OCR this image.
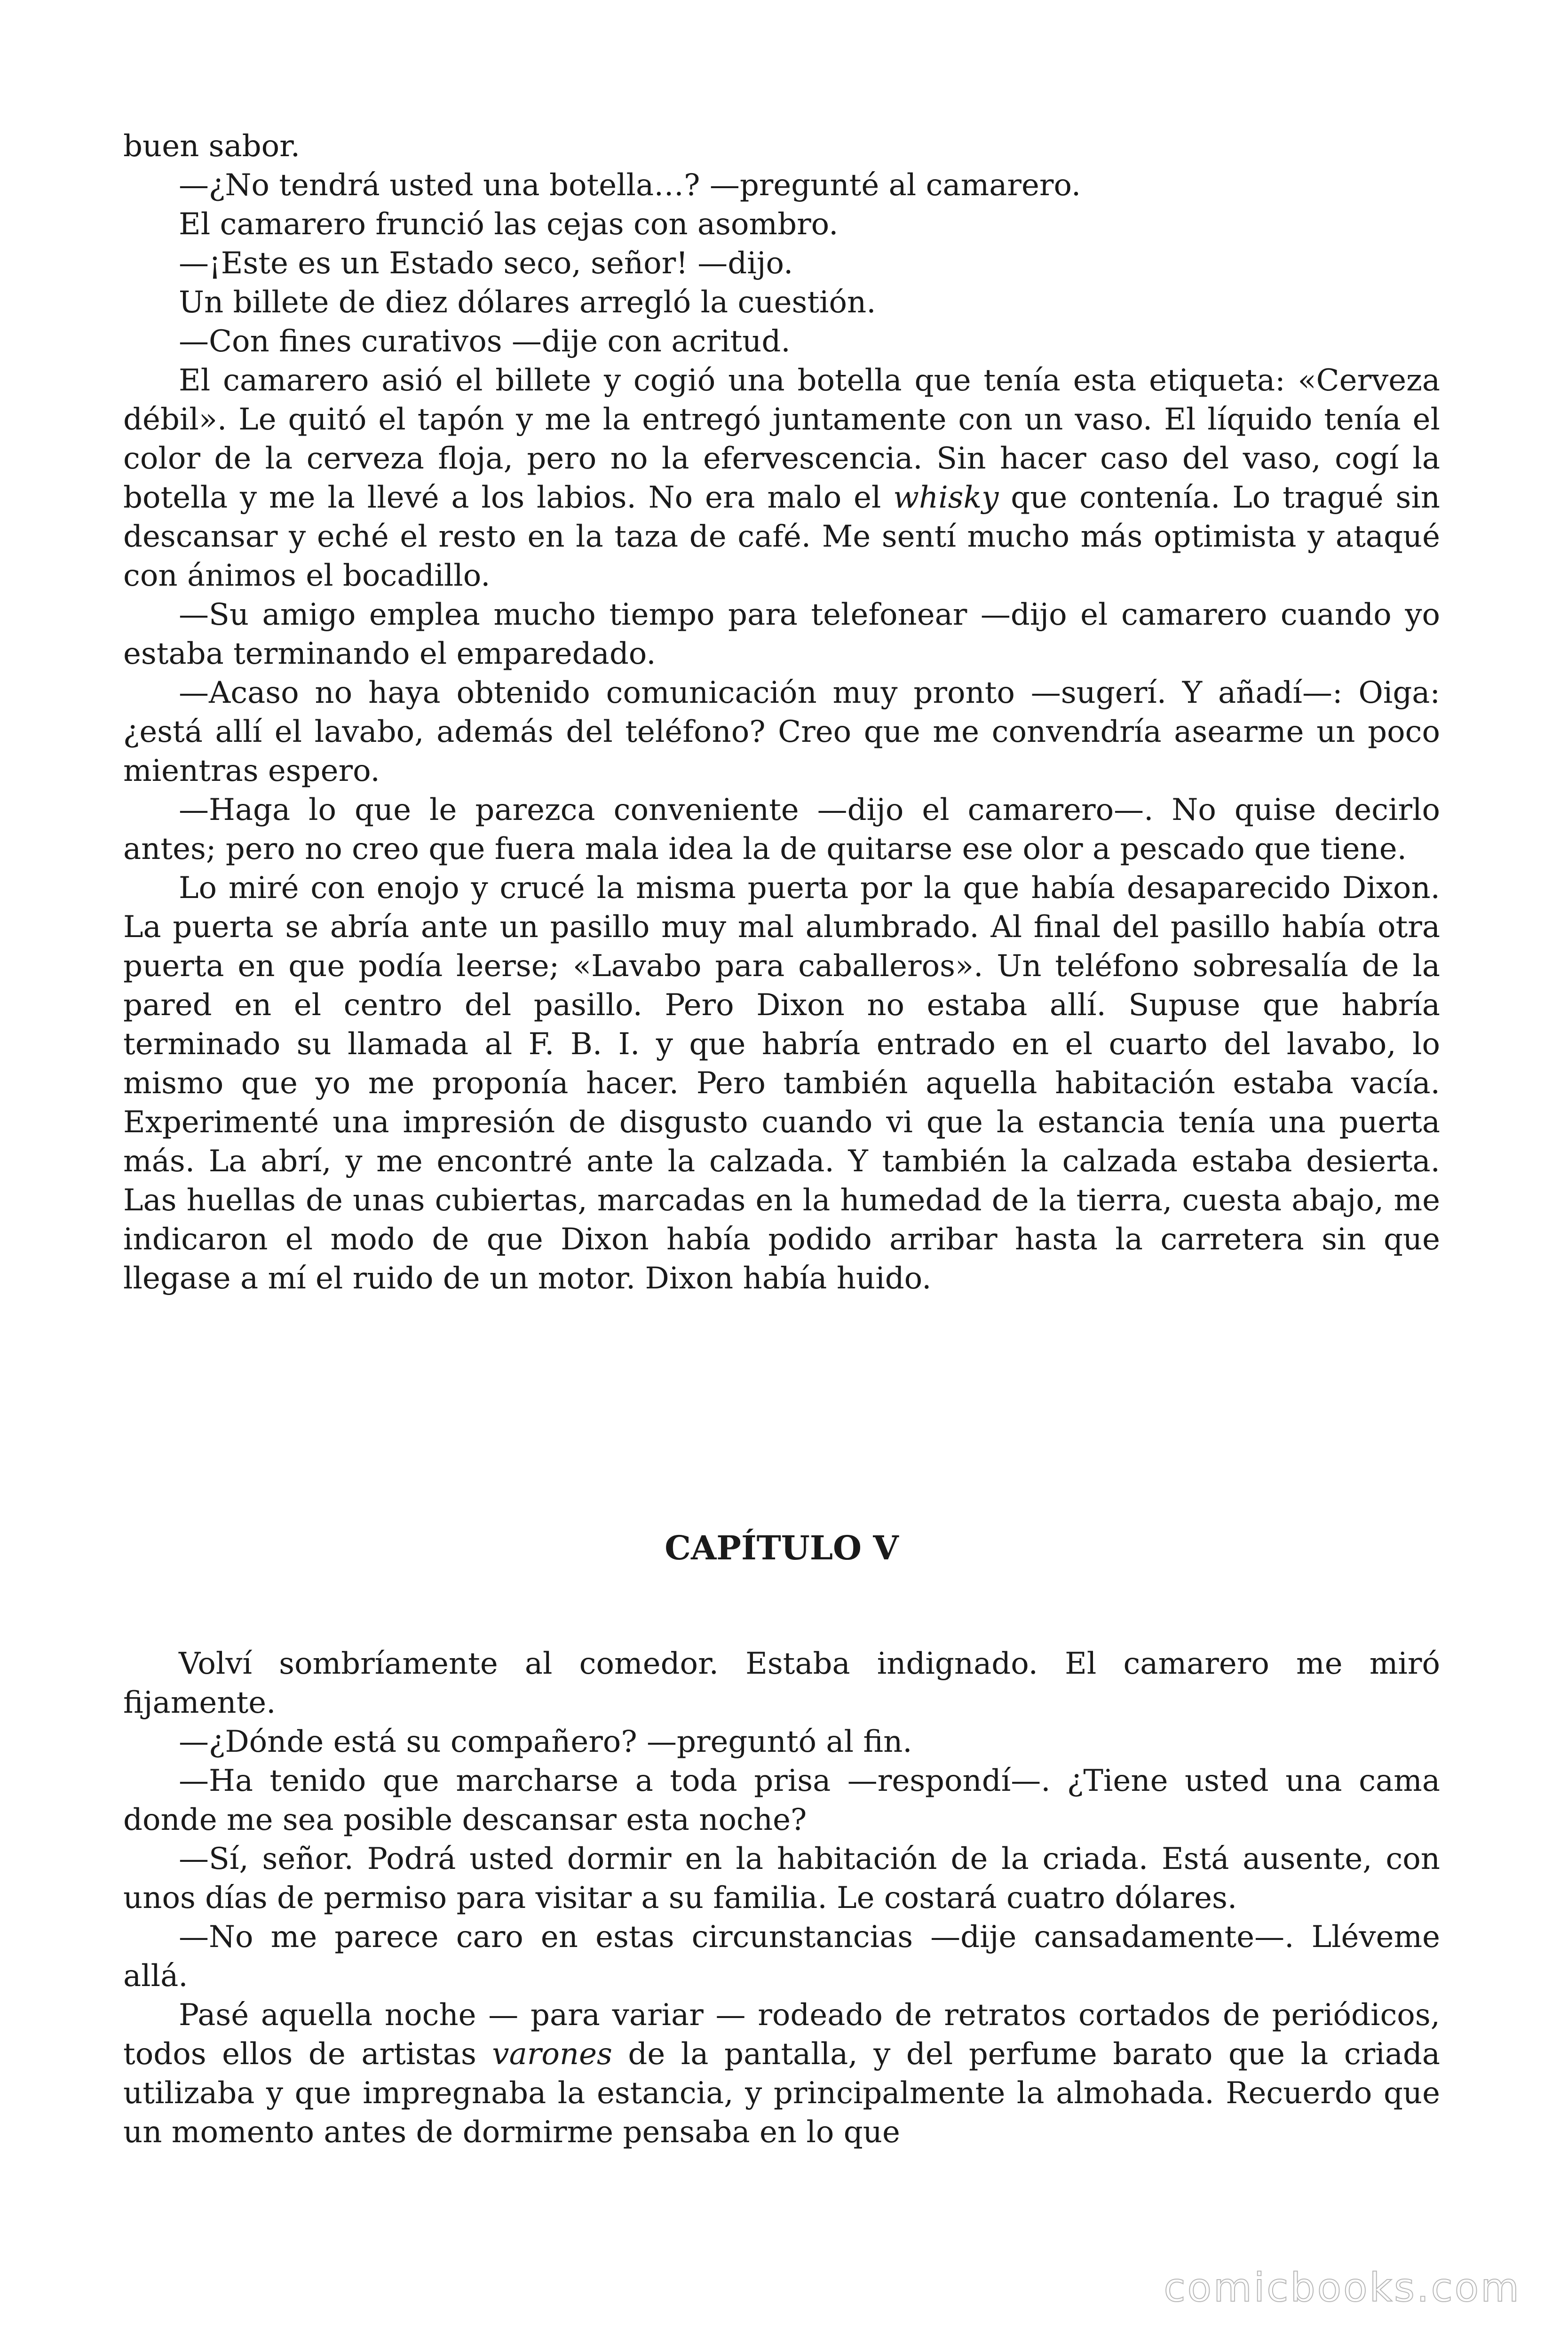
buen sabor.

—¿No tendrá usted una botella…? —pregunté al camarero.

El camarero frunció las cejas con asombro.

—¡Este es un Estado seco, señor! —dijo.

Un billete de diez dólares arregló la cuestión.

—Con fines curativos —dije con acritud.

El camarero asió el billete y cogió una botella que tenía esta etiqueta: «Cerveza débil». Le quitó el tapón y me la entregó juntamente con un vaso. El líquido tenía el color de la cerveza floja, pero no la efervescencia. Sin hacer caso del vaso, cogí la botella y me la llevé a los labios. No era malo el whisky que contenía. Lo tragué sin descansar y eché el resto en la taza de café. Me sentí mucho más optimista y ataqué con ánimos el bocadillo.

—Su amigo emplea mucho tiempo para telefonear —dijo el camarero cuando yo estaba terminando el emparedado.

—Acaso no haya obtenido comunicación muy pronto —sugerí. Y añadí—: Oiga: ¿está allí el lavabo, además del teléfono? Creo que me convendría asearme un poco mientras espero.

—Haga lo que le parezca conveniente —dijo el camarero—. No quise decirlo antes; pero no creo que fuera mala idea la de quitarse ese olor a pescado que tiene.

Lo miré con enojo y crucé la misma puerta por la que había desaparecido Dixon. La puerta se abría ante un pasillo muy mal alumbrado. Al final del pasillo había otra puerta en que podía leerse; «Lavabo para caballeros». Un teléfono sobresalía de la pared en el centro del pasillo. Pero Dixon no estaba allí. Supuse que habría terminado su llamada al F. B. I. y que habría entrado en el cuarto del lavabo, lo mismo que yo me proponía hacer. Pero también aquella habitación estaba vacía. Experimenté una impresión de disgusto cuando vi que la estancia tenía una puerta más. La abrí, y me encontré ante la calzada. Y también la calzada estaba desierta. Las huellas de unas cubiertas, marcadas en la humedad de la tierra, cuesta abajo, me indicaron el modo de que Dixon había podido arribar hasta la carretera sin que llegase a mí el ruido de un motor. Dixon había huido.

CAPÍTULO V

Volví sombríamente al comedor. Estaba indignado. El camarero me miró fijamente.

—¿Dónde está su compañero? —preguntó al fin.

—Ha tenido que marcharse a toda prisa —respondí—. ¿Tiene usted una cama donde me sea posible descansar esta noche?

—Sí, señor. Podrá usted dormir en la habitación de la criada. Está ausente, con unos días de permiso para visitar a su familia. Le costará cuatro dólares.

—No me parece caro en estas circunstancias —dije cansadamente—. Lléveme allá.

Pasé aquella noche — para variar — rodeado de retratos cortados de periódicos, todos ellos de artistas varones de la pantalla, y del perfume barato que la criada utilizaba y que impregnaba la estancia, y principalmente la almohada. Recuerdo que un momento antes de dormirme pensaba en lo que

comicbooks.com
